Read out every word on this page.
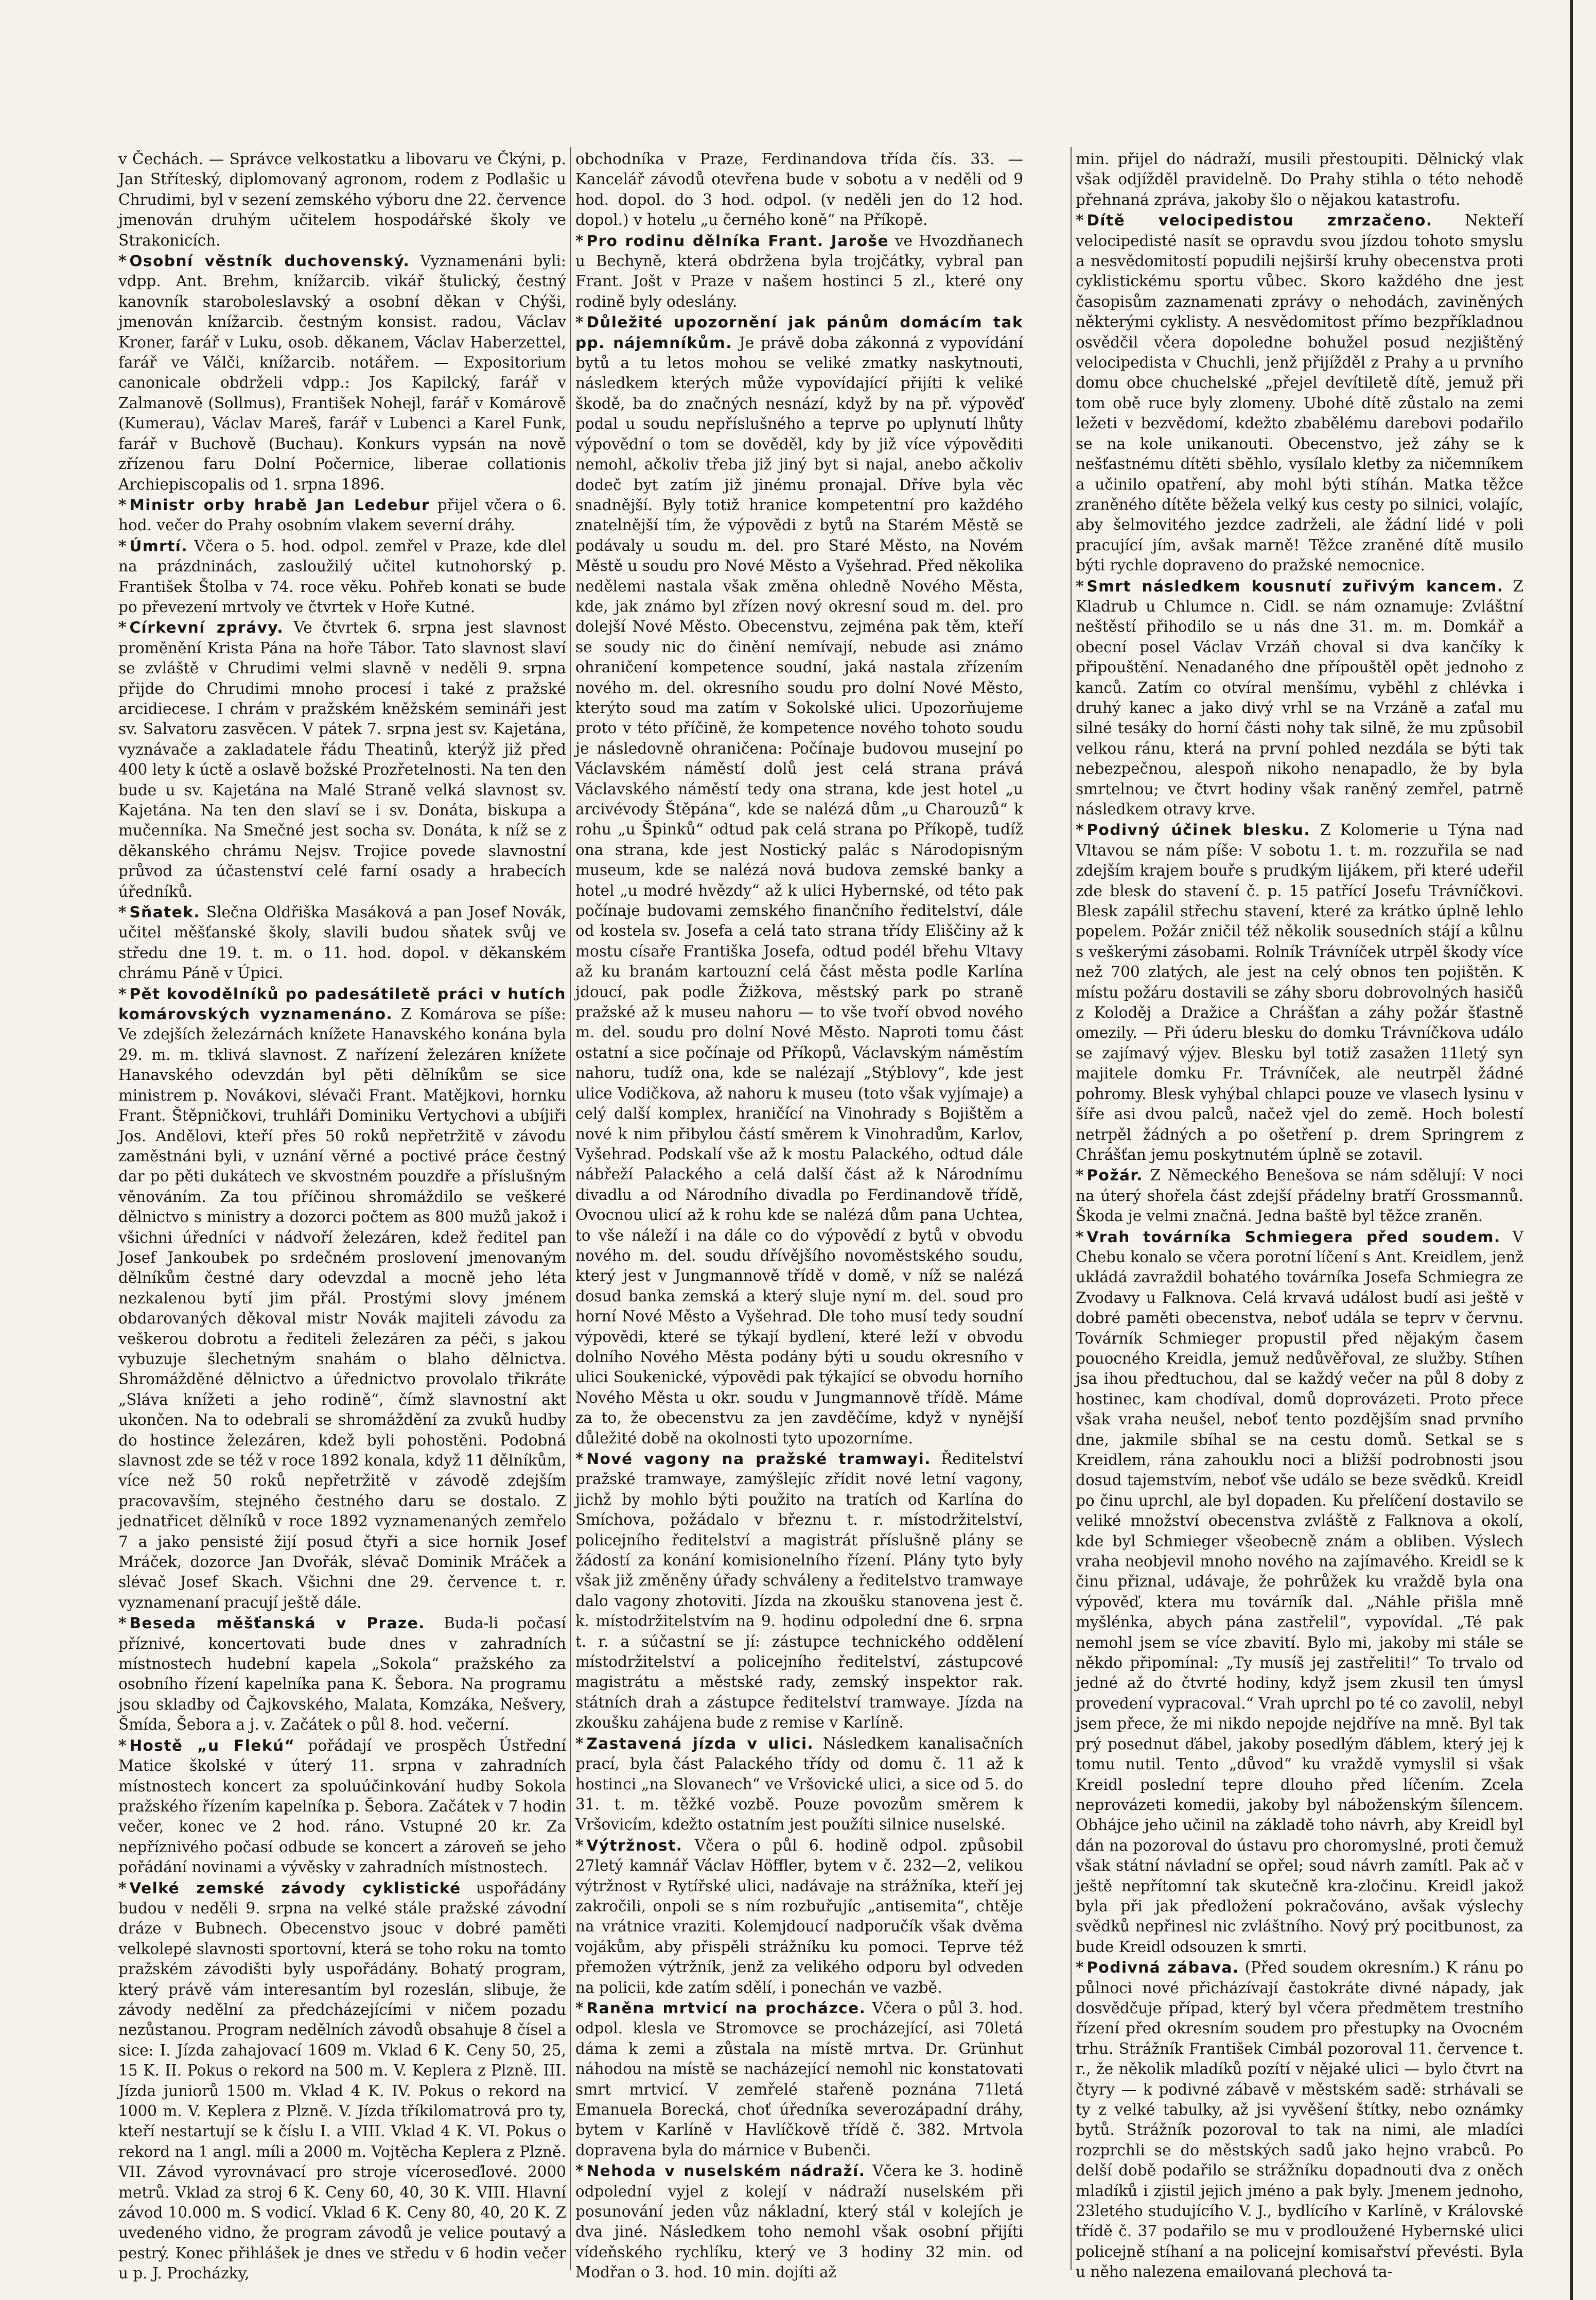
v Čechách. — Správce velkostatku a libovaru ve Čkýni, p. Jan Stříteský, diplomovaný agronom, rodem z Podlašic u Chrudimi, byl v sezení zemského výboru dne 22. července jmenován druhým učitelem hospodářské školy ve Strakonicích.

* Osobní věstník duchovenský. Vyznamenáni byli: vdpp. Ant. Brehm, knížarcib. vikář štulický, čestný kanovník staroboleslavský a osobní děkan v Chýši, jmenován knížarcib. čestným konsist. radou, Václav Kroner, farář v Luku, osob. děkanem, Václav Haberzettel, farář ve Válči, knížarcib. notářem. — Expositorium canonicale obdrželi vdpp.: Jos Kapilcký, farář v Zalmanově (Sollmus), František Nohejl, farář v Komárově (Kumerau), Václav Mareš, farář v Lubenci a Karel Funk, farář v Buchově (Buchau). Konkurs vypsán na nově zřízenou faru Dolní Počernice, liberae collationis Archiepiscopalis od 1. srpna 1896.

* Ministr orby hrabě Jan Ledebur přijel včera o 6. hod. večer do Prahy osobním vlakem severní dráhy.

* Úmrtí. Včera o 5. hod. odpol. zemřel v Praze, kde dlel na prázdninách, zasloužilý učitel kutnohorský p. František Štolba v 74. roce věku. Pohřeb konati se bude po převezení mrtvoly ve čtvrtek v Hoře Kutné.

* Církevní zprávy. Ve čtvrtek 6. srpna jest slavnost proměnění Krista Pána na hoře Tábor. Tato slavnost slaví se zvláště v Chrudimi velmi slavně v neděli 9. srpna přijde do Chrudimi mnoho procesí i také z pražské arcidiecese. I chrám v pražském kněžském semináři jest sv. Salvatoru zasvěcen. V pátek 7. srpna jest sv. Kajetána, vyznávače a zakladatele řádu Theatinů, kterýž již před 400 lety k úctě a oslavě božské Prozřetelnosti. Na ten den bude u sv. Kajetána na Malé Straně velká slavnost sv. Kajetána. Na ten den slaví se i sv. Donáta, biskupa a mučenníka. Na Smečné jest socha sv. Donáta, k níž se z děkanského chrámu Nejsv. Trojice povede slavnostní průvod za účastenství celé farní osady a hrabecích úředníků.

* Sňatek. Slečna Oldřiška Masáková a pan Josef Novák, učitel měšťanské školy, slavili budou sňatek svůj ve středu dne 19. t. m. o 11. hod. dopol. v děkanském chrámu Páně v Úpici.

* Pět kovodělníků po padesátiletě práci v hutích komárovských vyznamenáno. Z Komárova se píše: Ve zdejších železárnách knížete Hanavského konána byla 29. m. m. tklivá slavnost. Z nařízení železáren knížete Hanavského odevzdán byl pěti dělníkům se sice ministrem p. Novákovi, slévači Frant. Matějkovi, hornku Frant. Štěpničkovi, truhláři Dominiku Vertychovi a ubíjiři Jos. Andělovi, kteří přes 50 roků nepřetržitě v závodu zaměstnáni byli, v uznání věrné a poctivé práce čestný dar po pěti dukátech ve skvostném pouzdře a příslušným věnováním. Za tou příčinou shromáždilo se veškeré dělnictvo s ministry a dozorci počtem as 800 mužů jakož i všichni úředníci v nádvoří železáren, kdež ředitel pan Josef Jankoubek po srdečném proslovení jmenovaným dělníkům čestné dary odevzdal a mocně jeho léta nezkalenou bytí jim přál. Prostými slovy jménem obdarovaných děkoval mistr Novák majiteli závodu za veškerou dobrotu a řediteli železáren za péči, s jakou vybuzuje šlechetným snahám o blaho dělnictva. Shromážděné dělnictvo a úřednictvo provolalo třikráte „Sláva knížeti a jeho rodině“, čímž slavnostní akt ukončen. Na to odebrali se shromáždění za zvuků hudby do hostince železáren, kdež byli pohostěni. Podobná slavnost zde se též v roce 1892 konala, když 11 dělníkům, více než 50 roků nepřetržitě v závodě zdejším pracovavším, stejného čestného daru se dostalo. Z jednatřicet dělníků v roce 1892 vyznamenaných zemřelo 7 a jako pensisté žijí posud čtyři a sice hornik Josef Mráček, dozorce Jan Dvořák, slévač Dominik Mráček a slévač Josef Skach. Všichni dne 29. července t. r. vyznamenaní pracují ještě dále.

* Beseda měšťanská v Praze. Buda-li počasí příznivé, koncertovati bude dnes v zahradních místnostech hudební kapela „Sokola“ pražského za osobního řízení kapelníka pana K. Šebora. Na programu jsou skladby od Čajkovského, Malata, Komzáka, Nešvery, Šmída, Šebora a j. v. Začátek o půl 8. hod. večerní.

* Hostě „u Flekú“ pořádají ve prospěch Ústřední Matice školské v úterý 11. srpna v zahradních místnostech koncert za spoluúčinkování hudby Sokola pražského řízením kapelníka p. Šebora. Začátek v 7 hodin večer, konec ve 2 hod. ráno. Vstupné 20 kr. Za nepříznivého počasí odbude se koncert a zároveň se jeho pořádání novinami a vývěsky v zahradních místnostech.

* Velké zemské závody cyklistické uspořádány budou v neděli 9. srpna na velké stále pražské závodní dráze v Bubnech. Obecenstvo jsouc v dobré paměti velkolepé slavnosti sportovní, která se toho roku na tomto pražském závodišti byly uspořádány. Bohatý program, který právě vám interesantím byl rozeslán, slibuje, že závody nedělní za předcházejícími v ničem pozadu nezůstanou. Program nedělních závodů obsahuje 8 čísel a sice: I. Jízda zahajovací 1609 m. Vklad 6 K. Ceny 50, 25, 15 K. II. Pokus o rekord na 500 m. V. Keplera z Plzně. III. Jízda juniorů 1500 m. Vklad 4 K. IV. Pokus o rekord na 1000 m. V. Keplera z Plzně. V. Jízda tříkilomatrová pro ty, kteří nestartují se k číslu I. a VIII. Vklad 4 K. VI. Pokus o rekord na 1 angl. míli a 2000 m. Vojtěcha Keplera z Plzně. VII. Závod vyrovnávací pro stroje víceroseďlové. 2000 metrů. Vklad za stroj 6 K. Ceny 60, 40, 30 K. VIII. Hlavní závod 10.000 m. S vodicí. Vklad 6 K. Ceny 80, 40, 20 K. Z uvedeného vidno, že program závodů je velice poutavý a pestrý. Konec přihlášek je dnes ve středu v 6 hodin večer u p. J. Procházky,

obchodníka v Praze, Ferdinandova třída čís. 33. — Kancelář závodů otevřena bude v sobotu a v neděli od 9 hod. dopol. do 3 hod. odpol. (v neděli jen do 12 hod. dopol.) v hotelu „u černého koně“ na Příkopě.

* Pro rodinu dělníka Frant. Jaroše ve Hvozdňanech u Bechyně, která obdržena byla trojčátky, vybral pan Frant. Jošt v Praze v našem hostinci 5 zl., které ony rodině byly odeslány.

* Důležité upozornění jak pánům domácím tak pp. nájemníkům. Je právě doba zákonná z vypovídání bytů a tu letos mohou se veliké zmatky naskytnouti, následkem kterých může vypovídající přijíti k veliké škodě, ba do značných nesnází, když by na př. výpověď podal u soudu nepříslušného a teprve po uplynutí lhůty výpovědní o tom se dověděl, kdy by již více výpověditi nemohl, ačkoliv třeba již jiný byt si najal, anebo ačkoliv dodeč byt zatím již jinému pronajal. Dříve byla věc snadnější. Byly totiž hranice kompetentní pro každého znatelnější tím, že výpovědi z bytů na Starém Městě se podávaly u soudu m. del. pro Staré Město, na Novém Městě u soudu pro Nové Město a Vyšehrad. Před několika nedělemi nastala však změna ohledně Nového Města, kde, jak známo byl zřízen nový okresní soud m. del. pro dolejší Nové Město. Obecenstvu, zejména pak těm, kteří se soudy nic do činění nemívají, nebude asi známo ohraničení kompetence soudní, jaká nastala zřízením nového m. del. okresního soudu pro dolní Nové Město, kterýto soud ma zatím v Sokolské ulici. Upozorňujeme proto v této příčině, že kompetence nového tohoto soudu je následovně ohraničena: Počínaje budovou musejní po Václavském náměstí dolů jest celá strana prává Václavského náměstí tedy ona strana, kde jest hotel „u arcivévody Štěpána“, kde se nalézá dům „u Charouzů“ k rohu „u Špinků“ odtud pak celá strana po Příkopě, tudíž ona strana, kde jest Nostický palác s Národopisným museum, kde se nalézá nová budova zemské banky a hotel „u modré hvězdy“ až k ulici Hybernské, od této pak počínaje budovami zemského finančního ředitelství, dále od kostela sv. Josefa a celá tato strana třídy Eliščiny až k mostu císaře Františka Josefa, odtud podél břehu Vltavy až ku branám kartouzní celá část města podle Karlína jdoucí, pak podle Žižkova, městský park po straně pražské až k museu nahoru — to vše tvoří obvod nového m. del. soudu pro dolní Nové Město. Naproti tomu část ostatní a sice počínaje od Příkopů, Václavským náměstím nahoru, tudíž ona, kde se nalézají „Stýblovy“, kde jest ulice Vodičkova, až nahoru k museu (toto však vyjímaje) a celý další komplex, hraničící na Vinohrady s Bojištěm a nové k nim přibylou částí směrem k Vinohradům, Karlov, Vyšehrad. Podskalí vše až k mostu Palackého, odtud dále nábřeží Palackého a celá další část až k Národnímu divadlu a od Národního divadla po Ferdinandově třídě, Ovocnou ulicí až k rohu kde se nalézá dům pana Uchtea, to vše náleží i na dále co do výpovědí z bytů v obvodu nového m. del. soudu dřívějšího novoměstského soudu, který jest v Jungmannově třídě v domě, v níž se nalézá dosud banka zemská a který sluje nyní m. del. soud pro horní Nové Město a Vyšehrad. Dle toho musí tedy soudní výpovědi, které se týkají bydlení, které leží v obvodu dolního Nového Města podány býti u soudu okresního v ulici Soukenické, výpovědi pak týkající se obvodu horního Nového Města u okr. soudu v Jungmannově třídě. Máme za to, že obecenstvu za jen zavděčíme, když v nynější důležité době na okolnosti tyto upozorníme.

* Nové vagony na pražské tramwayi. Ředitelství pražské tramwaye, zamýšlejíc zřídit nové letní vagony, jichž by mohlo býti použito na tratích od Karlína do Smíchova, požádalo v březnu t. r. místodržitelství, policejního ředitelství a magistrát příslušně plány se žádostí za konání komisionelního řízení. Plány tyto byly však již změněny úřady schváleny a ředitelstvo tramwaye dalo vagony zhotoviti. Jízda na zkoušku stanovena jest č. k. místodržitelstvím na 9. hodinu odpolední dne 6. srpna t. r. a súčastní se jí: zástupce technického oddělení místodržitelství a policejního ředitelství, zástupcové magistrátu a městské rady, zemský inspektor rak. státních drah a zástupce ředitelství tramwaye. Jízda na zkoušku zahájena bude z remise v Karlíně.

* Zastavená jízda v ulici. Následkem kanalisačních prací, byla část Palackého třídy od domu č. 11 až k hostinci „na Slovanech“ ve Vršovické ulici, a sice od 5. do 31. t. m. těžké vozbě. Pouze povozům směrem k Vršovicím, kdežto ostatním jest použíti silnice nuselské.

* Výtržnost. Včera o půl 6. hodině odpol. způsobil 27letý kamnář Václav Höffler, bytem v č. 232—2, velikou výtržnost v Rytířské ulici, nadávaje na strážníka, kteří jej zakročili, onpoli se s ním rozbuřujíc „antisemita“, chtěje na vrátnice vraziti. Kolemjdoucí nadporučík však dvěma vojákům, aby přispěli strážníku ku pomoci. Teprve též přemožen výtržník, jenž za velikého odporu byl odveden na policii, kde zatím sdělí, i ponechán ve vazbě.

* Raněna mrtvicí na procházce. Včera o půl 3. hod. odpol. klesla ve Stromovce se procházející, asi 70letá dáma k zemi a zůstala na místě mrtva. Dr. Grünhut náhodou na místě se nacházející nemohl nic konstatovati smrt mrtvicí. V zemřelé stařeně poznána 71letá Emanuela Borecká, choť úředníka severozápadní dráhy, bytem v Karlíně v Havlíčkově třídě č. 382. Mrtvola dopravena byla do márnice v Bubenči.

* Nehoda v nuselském nádraží. Včera ke 3. hodině odpolední vyjel z kolejí v nádraží nuselském při posunování jeden vůz nákladní, který stál v kolejích je dva jiné. Následkem toho nemohl však osobní přijíti vídeňského rychlíku, který ve 3 hodiny 32 min. od Modřan o 3. hod. 10 min. dojíti až

min. přijel do nádraží, musili přestoupiti. Dělnický vlak však odjížděl pravidelně. Do Prahy stihla o této nehodě přehnaná zpráva, jakoby šlo o nějakou katastrofu.

* Dítě velocipedistou zmrzačeno. Nekteří velocipedisté nasít se opravdu svou jízdou tohoto smyslu a nesvědomitostí popudili nejširší kruhy obecenstva proti cyklistickému sportu vůbec. Skoro každého dne jest časopisům zaznamenati zprávy o nehodách, zaviněných některými cyklisty. A nesvědomitost přímo bezpříkladnou osvědčil včera dopoledne bohužel posud nezjištěný velocipedista v Chuchli, jenž přijížděl z Prahy a u prvního domu obce chuchelské „přejel devítiletě dítě, jemuž při tom obě ruce byly zlomeny. Ubohé dítě zůstalo na zemi ležeti v bezvědomí, kdežto zbabělému darebovi podařilo se na kole unikanouti. Obecenstvo, jež záhy se k nešťastnému dítěti sběhlo, vysílalo kletby za ničemníkem a učinilo opatření, aby mohl býti stíhán. Matka těžce zraněného dítěte běžela velký kus cesty po silnici, volajíc, aby šelmovitého jezdce zadrželi, ale žádní lidé v poli pracující jím, avšak marně! Těžce zraněné dítě musilo býti rychle dopraveno do pražské nemocnice.

* Smrt následkem kousnutí zuřivým kancem. Z Kladrub u Chlumce n. Cidl. se nám oznamuje: Zvláštní neštěstí přihodilo se u nás dne 31. m. m. Domkář a obecní posel Václav Vrzáň choval si dva kančíky k připouštění. Nenadaného dne přípouštěl opět jednoho z kanců. Zatím co otvíral menšímu, vyběhl z chlévka i druhý kanec a jako divý vrhl se na Vrzáně a zaťal mu silné tesáky do horní části nohy tak silně, že mu způsobil velkou ránu, která na první pohled nezdála se býti tak nebezpečnou, alespoň nikoho nenapadlo, že by byla smrtelnou; ve čtvrt hodiny však raněný zemřel, patrně následkem otravy krve.

* Podivný účinek blesku. Z Kolomerie u Týna nad Vltavou se nám píše: V sobotu 1. t. m. rozzuřila se nad zdejším krajem bouře s prudkým lijákem, při které udeřil zde blesk do stavení č. p. 15 patřící Josefu Trávníčkovi. Blesk zapálil střechu stavení, které za krátko úplně lehlo popelem. Požár zničil též několik sousedních stájí a kůlnu s veškerými zásobami. Rolník Trávníček utrpěl škody více než 700 zlatých, ale jest na celý obnos ten pojištěn. K místu požáru dostavili se záhy sboru dobrovolných hasičů z Koloděj a Dražice a Chrášťan a záhy požár šťastně omezily. — Při úderu blesku do domku Trávníčkova událo se zajímavý výjev. Blesku byl totiž zasažen 11letý syn majitele domku Fr. Trávníček, ale neutrpěl žádné pohromy. Blesk vyhýbal chlapci pouze ve vlasech lysinu v šíře asi dvou palců, načež vjel do země. Hoch bolestí netrpěl žádných a po ošetření p. drem Springrem z Chrášťan jemu poskytnutém úplně se zotavil.

* Požár. Z Německého Benešova se nám sdělují: V noci na úterý shořela část zdejší přádelny bratří Grossmannů. Škoda je velmi značná. Jedna baště byl těžce zraněn.

* Vrah továrníka Schmiegera před soudem. V Chebu konalo se včera porotní líčení s Ant. Kreidlem, jenž ukládá zavraždil bohatého továrníka Josefa Schmiegra ze Zvodavy u Falknova. Celá krvavá událost budí asi ještě v dobré paměti obecenstva, neboť udála se teprv v červnu. Továrník Schmieger propustil před nějakým časem pouocného Kreidla, jemuž nedůvěřoval, ze služby. Stíhen jsa ihou předtuchou, dal se každý večer na půl 8 doby z hostinec, kam chodíval, domů doprovázeti. Proto přece však vraha neušel, neboť tento pozdějším snad prvního dne, jakmile sbíhal se na cestu domů. Setkal se s Kreidlem, rána zahouklu noci a bližší podrobnosti jsou dosud tajemstvím, neboť vše událo se beze svědků. Kreidl po činu uprchl, ale byl dopaden. Ku přelíčení dostavilo se veliké množství obecenstva zvláště z Falknova a okolí, kde byl Schmieger všeobecně znám a obliben. Výslech vraha neobjevil mnoho nového na zajímavého. Kreidl se k činu přiznal, udávaje, že pohrůžek ku vraždě byla ona výpověď, ktera mu továrník dal. „Náhle přišla mně myšlénka, abych pána zastřelil“, vypovídal. „Té pak nemohl jsem se více zbavití. Bylo mi, jakoby mi stále se někdo připomínal: „Ty musíš jej zastřeliti!“ To trvalo od jedné až do čtvrté hodiny, když jsem zkusil ten úmysl provedení vypracoval.“ Vrah uprchl po té co zavolil, nebyl jsem přece, že mi nikdo nepojde nejdříve na mně. Byl tak prý posednut ďábel, jakoby posedlým ďáblem, který jej k tomu nutil. Tento „důvod“ ku vraždě vymyslil si však Kreidl poslední tepre dlouho před líčením. Zcela neprovázeti komedii, jakoby byl náboženským šílencem. Obhájce jeho učinil na základě toho návrh, aby Kreidl byl dán na pozoroval do ústavu pro choromyslné, proti čemuž však státní návladní se opřel; soud návrh zamítl. Pak ač v ještě nepřítomní tak skutečně kra-zločinu. Kreidl jakož byla při jak předložení pokračováno, avšak výslechy svědků nepřinesl nic zvláštního. Nový prý pocitbunost, za bude Kreidl odsouzen k smrti.

* Podivná zábava. (Před soudem okresním.) K ránu po půlnoci nové přicházívají častokráte divné nápady, jak dosvědčuje případ, který byl včera předmětem trestního řízení před okresním soudem pro přestupky na Ovocném trhu. Strážník František Cimbál pozoroval 11. července t. r., že několik mladíků pozítí v nějaké ulici — bylo čtvrt na čtyry — k podivné zábavě v městském sadě: strhávali se ty z velké tabulky, až jsi vyvěšení štítky, nebo oznámky bytů. Strážník pozoroval to tak na nimi, ale mladíci rozprchli se do městských sadů jako hejno vrabců. Po delší době podařilo se strážníku dopadnouti dva z oněch mladíků i zjistil jejich jméno a pak byly. Jmenem jednoho, 23letého studujícího V. J., bydlícího v Karlíně, v Královské třídě č. 37 podařilo se mu v prodloužené Hybernské ulici policejně stíhaní a na policejní komisařství převésti. Byla u něho nalezena emailovaná plechová ta-
